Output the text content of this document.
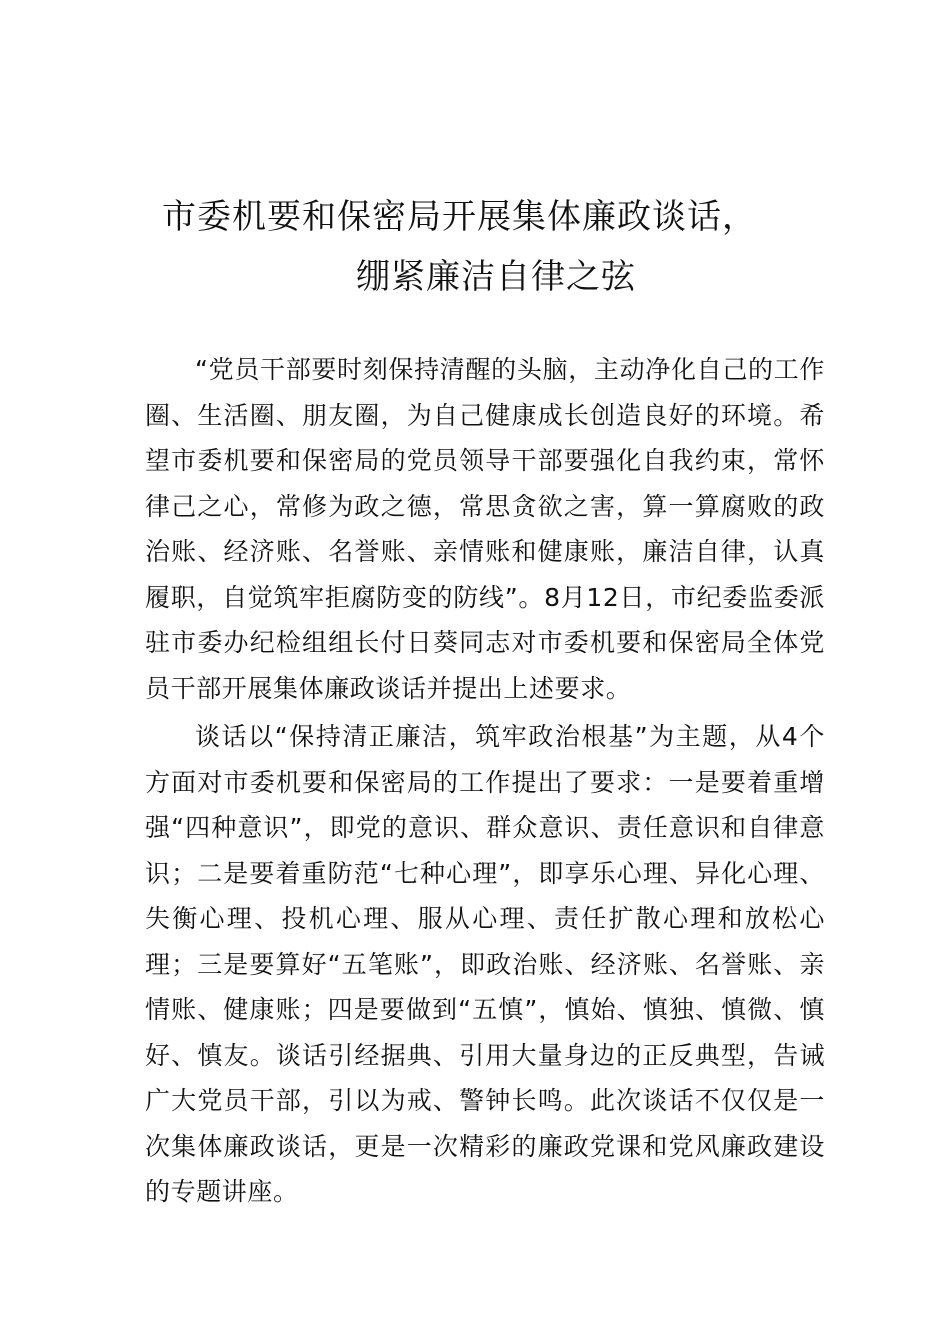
市委机要和保密局开展集体廉政谈话，
绷紧廉洁自律之弦

“党员干部要时刻保持清醒的头脑，主动净化自己的工作圈、生活圈、朋友圈，为自己健康成长创造良好的环境。希望市委机要和保密局的党员领导干部要强化自我约束，常怀律己之心，常修为政之德，常思贪欲之害，算一算腐败的政治账、经济账、名誉账、亲情账和健康账，廉洁自律，认真履职，自觉筑牢拒腐防变的防线”。8月12日，市纪委监委派驻市委办纪检组组长付日葵同志对市委机要和保密局全体党员干部开展集体廉政谈话并提出上述要求。

谈话以“保持清正廉洁，筑牢政治根基”为主题，从4个方面对市委机要和保密局的工作提出了要求：一是要着重增强“四种意识”，即党的意识、群众意识、责任意识和自律意识；二是要着重防范“七种心理”，即享乐心理、异化心理、失衡心理、投机心理、服从心理、责任扩散心理和放松心理；三是要算好“五笔账”，即政治账、经济账、名誉账、亲情账、健康账；四是要做到“五慎”，慎始、慎独、慎微、慎好、慎友。谈话引经据典、引用大量身边的正反典型，告诫广大党员干部，引以为戒、警钟长鸣。此次谈话不仅仅是一次集体廉政谈话，更是一次精彩的廉政党课和党风廉政建设的专题讲座。
